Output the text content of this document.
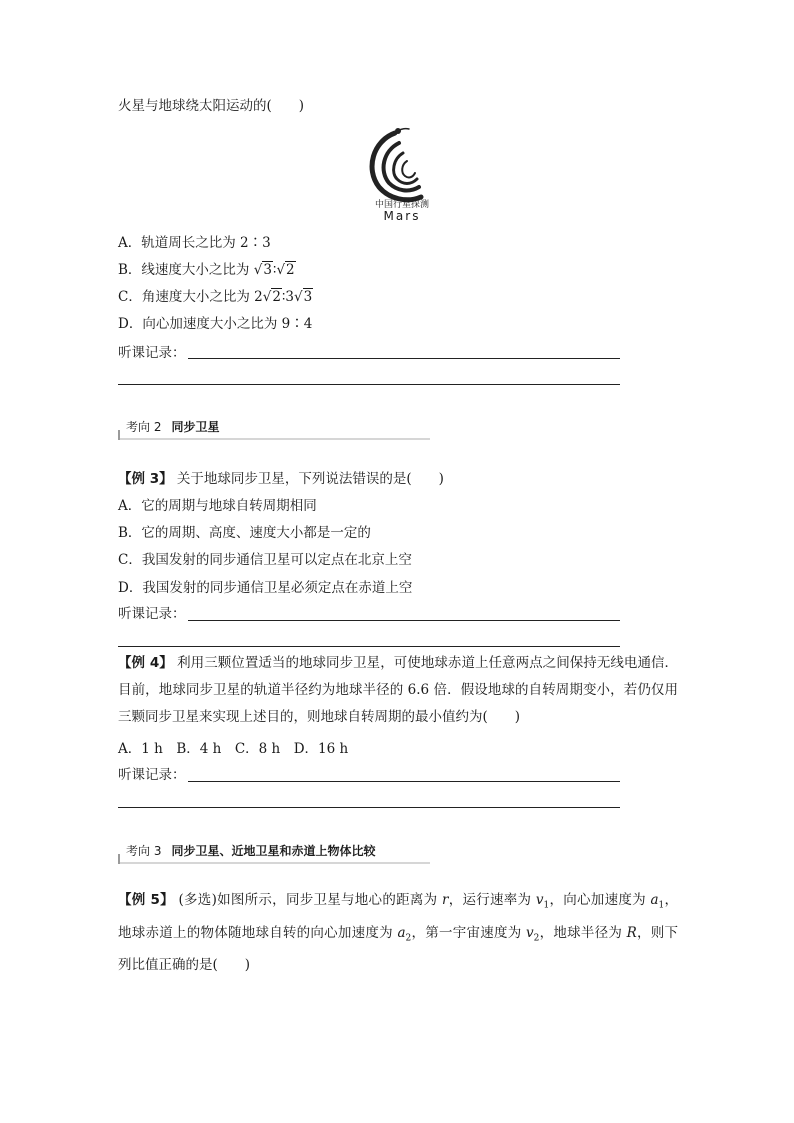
火星与地球绕太阳运动的(　　)
中国行星探测
Mars
A．轨道周长之比为 2∶3
B．线速度大小之比为 √3∶√2
C．角速度大小之比为 2√2∶3√3
D．向心加速度大小之比为 9∶4
听课记录：
考向 2 同步卫星
【例 3】 关于地球同步卫星，下列说法错误的是(　　)
A．它的周期与地球自转周期相同
B．它的周期、高度、速度大小都是一定的
C．我国发射的同步通信卫星可以定点在北京上空
D．我国发射的同步通信卫星必须定点在赤道上空
听课记录：
【例 4】 利用三颗位置适当的地球同步卫星，可使地球赤道上任意两点之间保持无线电通信．目前，地球同步卫星的轨道半径约为地球半径的 6.6 倍．假设地球的自转周期变小，若仍仅用三颗同步卫星来实现上述目的，则地球自转周期的最小值约为(　　)
A．1 h　B．4 h　C．8 h　D．16 h
听课记录：
考向 3 同步卫星、近地卫星和赤道上物体比较
【例 5】 (多选)如图所示，同步卫星与地心的距离为 r，运行速率为 $v_1$，向心加速度为 $a_1$，地球赤道上的物体随地球自转的向心加速度为 $a_2$，第一宇宙速度为 $v_2$，地球半径为 R，则下列比值正确的是(　　)
